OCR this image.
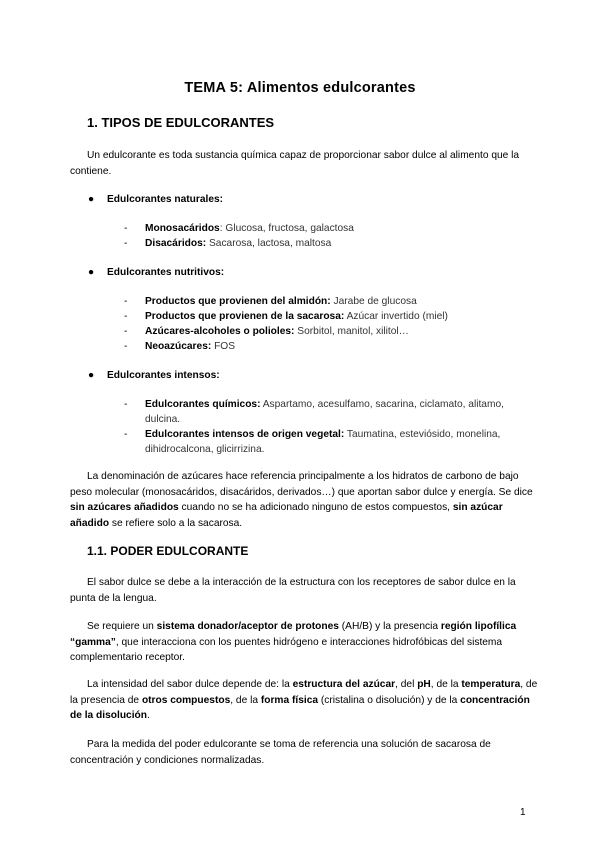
TEMA 5: Alimentos edulcorantes
1. TIPOS DE EDULCORANTES
Un edulcorante es toda sustancia química capaz de proporcionar sabor dulce al alimento que la contiene.
● Edulcorantes naturales:
- Monosacáridos: Glucosa, fructosa, galactosa
- Disacáridos: Sacarosa, lactosa, maltosa
● Edulcorantes nutritivos:
- Productos que provienen del almidón: Jarabe de glucosa
- Productos que provienen de la sacarosa: Azúcar invertido (miel)
- Azúcares-alcoholes o polioles: Sorbitol, manitol, xilitol…
- Neoazúcares: FOS
● Edulcorantes intensos:
- Edulcorantes químicos: Aspartamo, acesulfamo, sacarina, ciclamato, alitamo, dulcina.
- Edulcorantes intensos de origen vegetal: Taumatina, esteviósido, monelina, dihidrocalcona, glicirrizina.
La denominación de azúcares hace referencia principalmente a los hidratos de carbono de bajo peso molecular (monosacáridos, disacáridos, derivados…) que aportan sabor dulce y energía. Se dice sin azúcares añadidos cuando no se ha adicionado ninguno de estos compuestos, sin azúcar añadido se refiere solo a la sacarosa.
1.1. PODER EDULCORANTE
El sabor dulce se debe a la interacción de la estructura con los receptores de sabor dulce en la punta de la lengua.
Se requiere un sistema donador/aceptor de protones (AH/B) y la presencia región lipofílica “gamma”, que interacciona con los puentes hidrógeno e interacciones hidrofóbicas del sistema complementario receptor.
La intensidad del sabor dulce depende de: la estructura del azúcar, del pH, de la temperatura, de la presencia de otros compuestos, de la forma física (cristalina o disolución) y de la concentración de la disolución.
Para la medida del poder edulcorante se toma de referencia una solución de sacarosa de concentración y condiciones normalizadas.
1
